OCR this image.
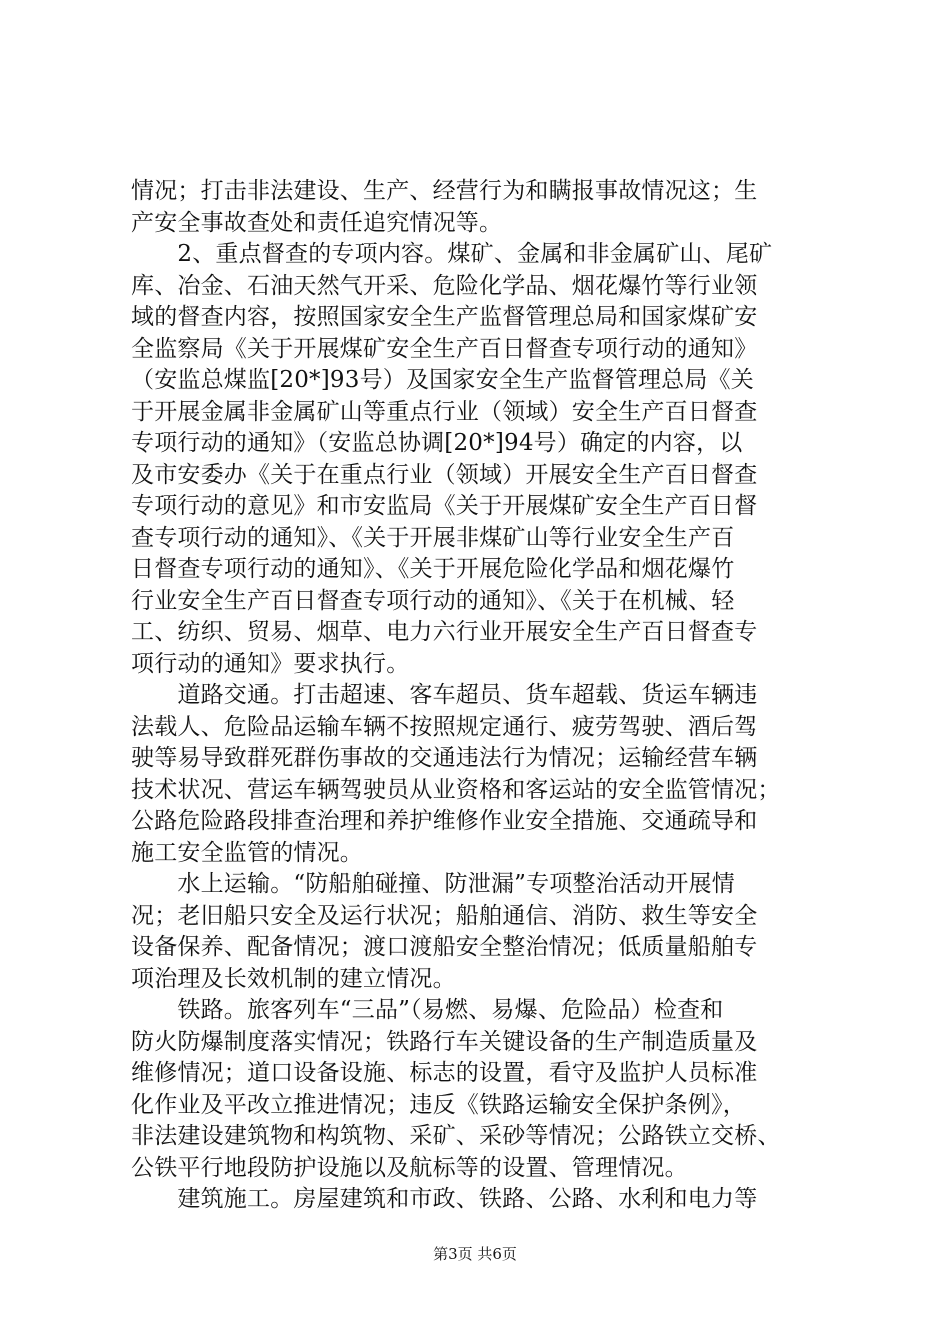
情况；打击非法建设、生产、经营行为和瞒报事故情况这；生
产安全事故查处和责任追究情况等。
　　2、重点督查的专项内容。煤矿、金属和非金属矿山、尾矿
库、冶金、石油天然气开采、危险化学品、烟花爆竹等行业领
域的督查内容，按照国家安全生产监督管理总局和国家煤矿安
全监察局《关于开展煤矿安全生产百日督查专项行动的通知》
（安监总煤监[20*]93号）及国家安全生产监督管理总局《关
于开展金属非金属矿山等重点行业（领域）安全生产百日督查
专项行动的通知》（安监总协调[20*]94号）确定的内容，以
及市安委办《关于在重点行业（领域）开展安全生产百日督查
专项行动的意见》和市安监局《关于开展煤矿安全生产百日督
查专项行动的通知》、《关于开展非煤矿山等行业安全生产百
日督查专项行动的通知》、《关于开展危险化学品和烟花爆竹
行业安全生产百日督查专项行动的通知》、《关于在机械、轻
工、纺织、贸易、烟草、电力六行业开展安全生产百日督查专
项行动的通知》要求执行。
　　道路交通。打击超速、客车超员、货车超载、货运车辆违
法载人、危险品运输车辆不按照规定通行、疲劳驾驶、酒后驾
驶等易导致群死群伤事故的交通违法行为情况；运输经营车辆
技术状况、营运车辆驾驶员从业资格和客运站的安全监管情况；
公路危险路段排查治理和养护维修作业安全措施、交通疏导和
施工安全监管的情况。
　　水上运输。“防船舶碰撞、防泄漏”专项整治活动开展情
况；老旧船只安全及运行状况；船舶通信、消防、救生等安全
设备保养、配备情况；渡口渡船安全整治情况；低质量船舶专
项治理及长效机制的建立情况。
　　铁路。旅客列车“三品”（易燃、易爆、危险品）检查和
防火防爆制度落实情况；铁路行车关键设备的生产制造质量及
维修情况；道口设备设施、标志的设置，看守及监护人员标准
化作业及平改立推进情况；违反《铁路运输安全保护条例》，
非法建设建筑物和构筑物、采矿、采砂等情况；公路铁立交桥、
公铁平行地段防护设施以及航标等的设置、管理情况。
　　建筑施工。房屋建筑和市政、铁路、公路、水利和电力等
第3页 共6页
